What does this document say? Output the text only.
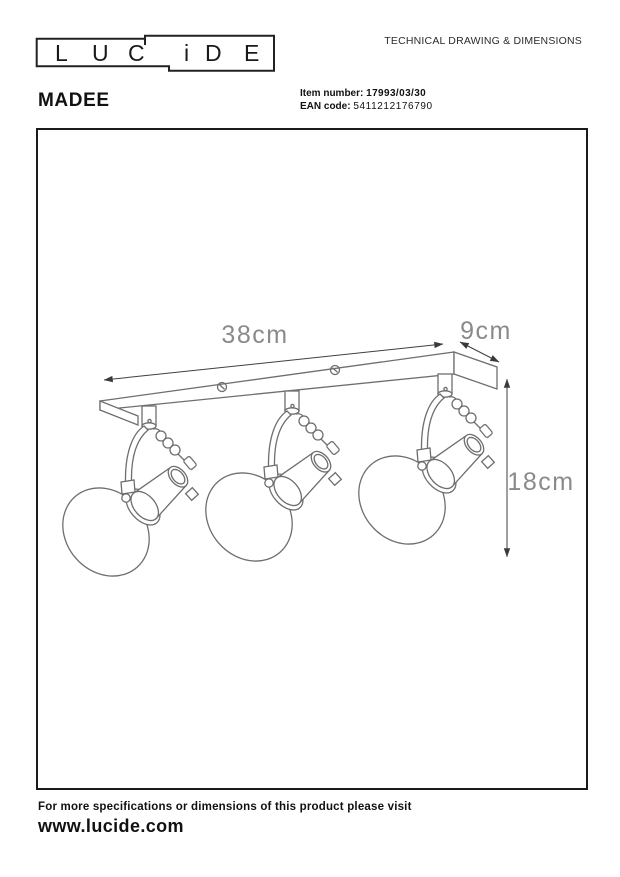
L U C i D E	TECHNICAL DRAWING & DIMENSIONS
MADEE	Item number: 17993/03/30
EAN code: 5411212176790
38cm	9cm
18cm
For more specifications or dimensions of this product please visit
www.lucide.com
